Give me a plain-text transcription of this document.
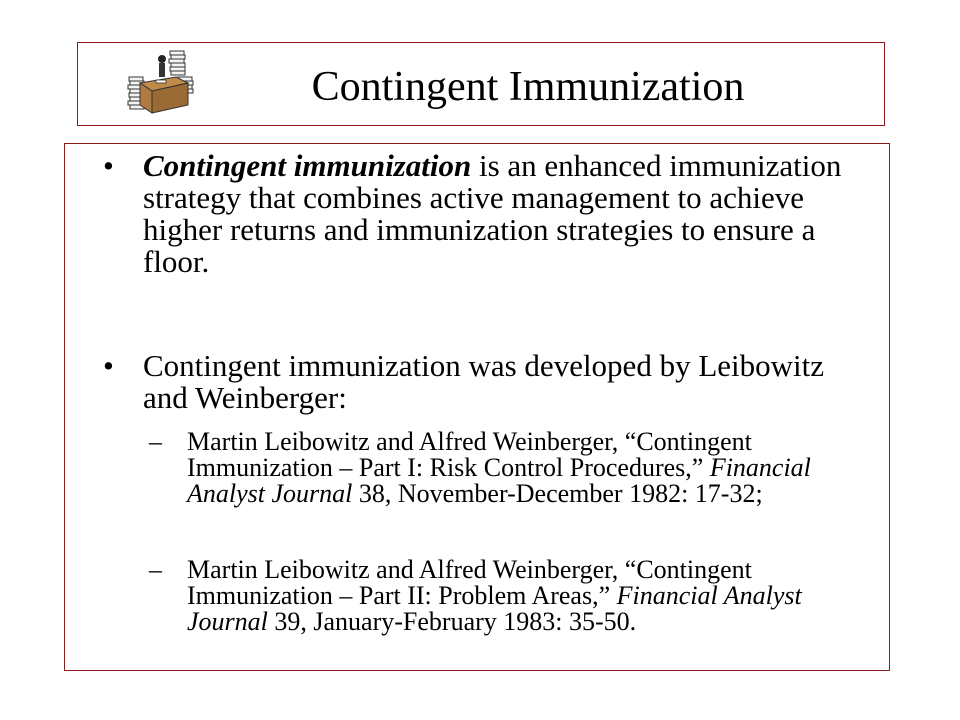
Contingent Immunization
• Contingent immunization is an enhanced immunization strategy that combines active management to achieve higher returns and immunization strategies to ensure a floor.
• Contingent immunization was developed by Leibowitz and Weinberger:
– Martin Leibowitz and Alfred Weinberger, “Contingent Immunization – Part I: Risk Control Procedures,” Financial Analyst Journal 38, November-December 1982: 17-32;
– Martin Leibowitz and Alfred Weinberger, “Contingent Immunization – Part II: Problem Areas,” Financial Analyst Journal 39, January-February 1983: 35-50.
